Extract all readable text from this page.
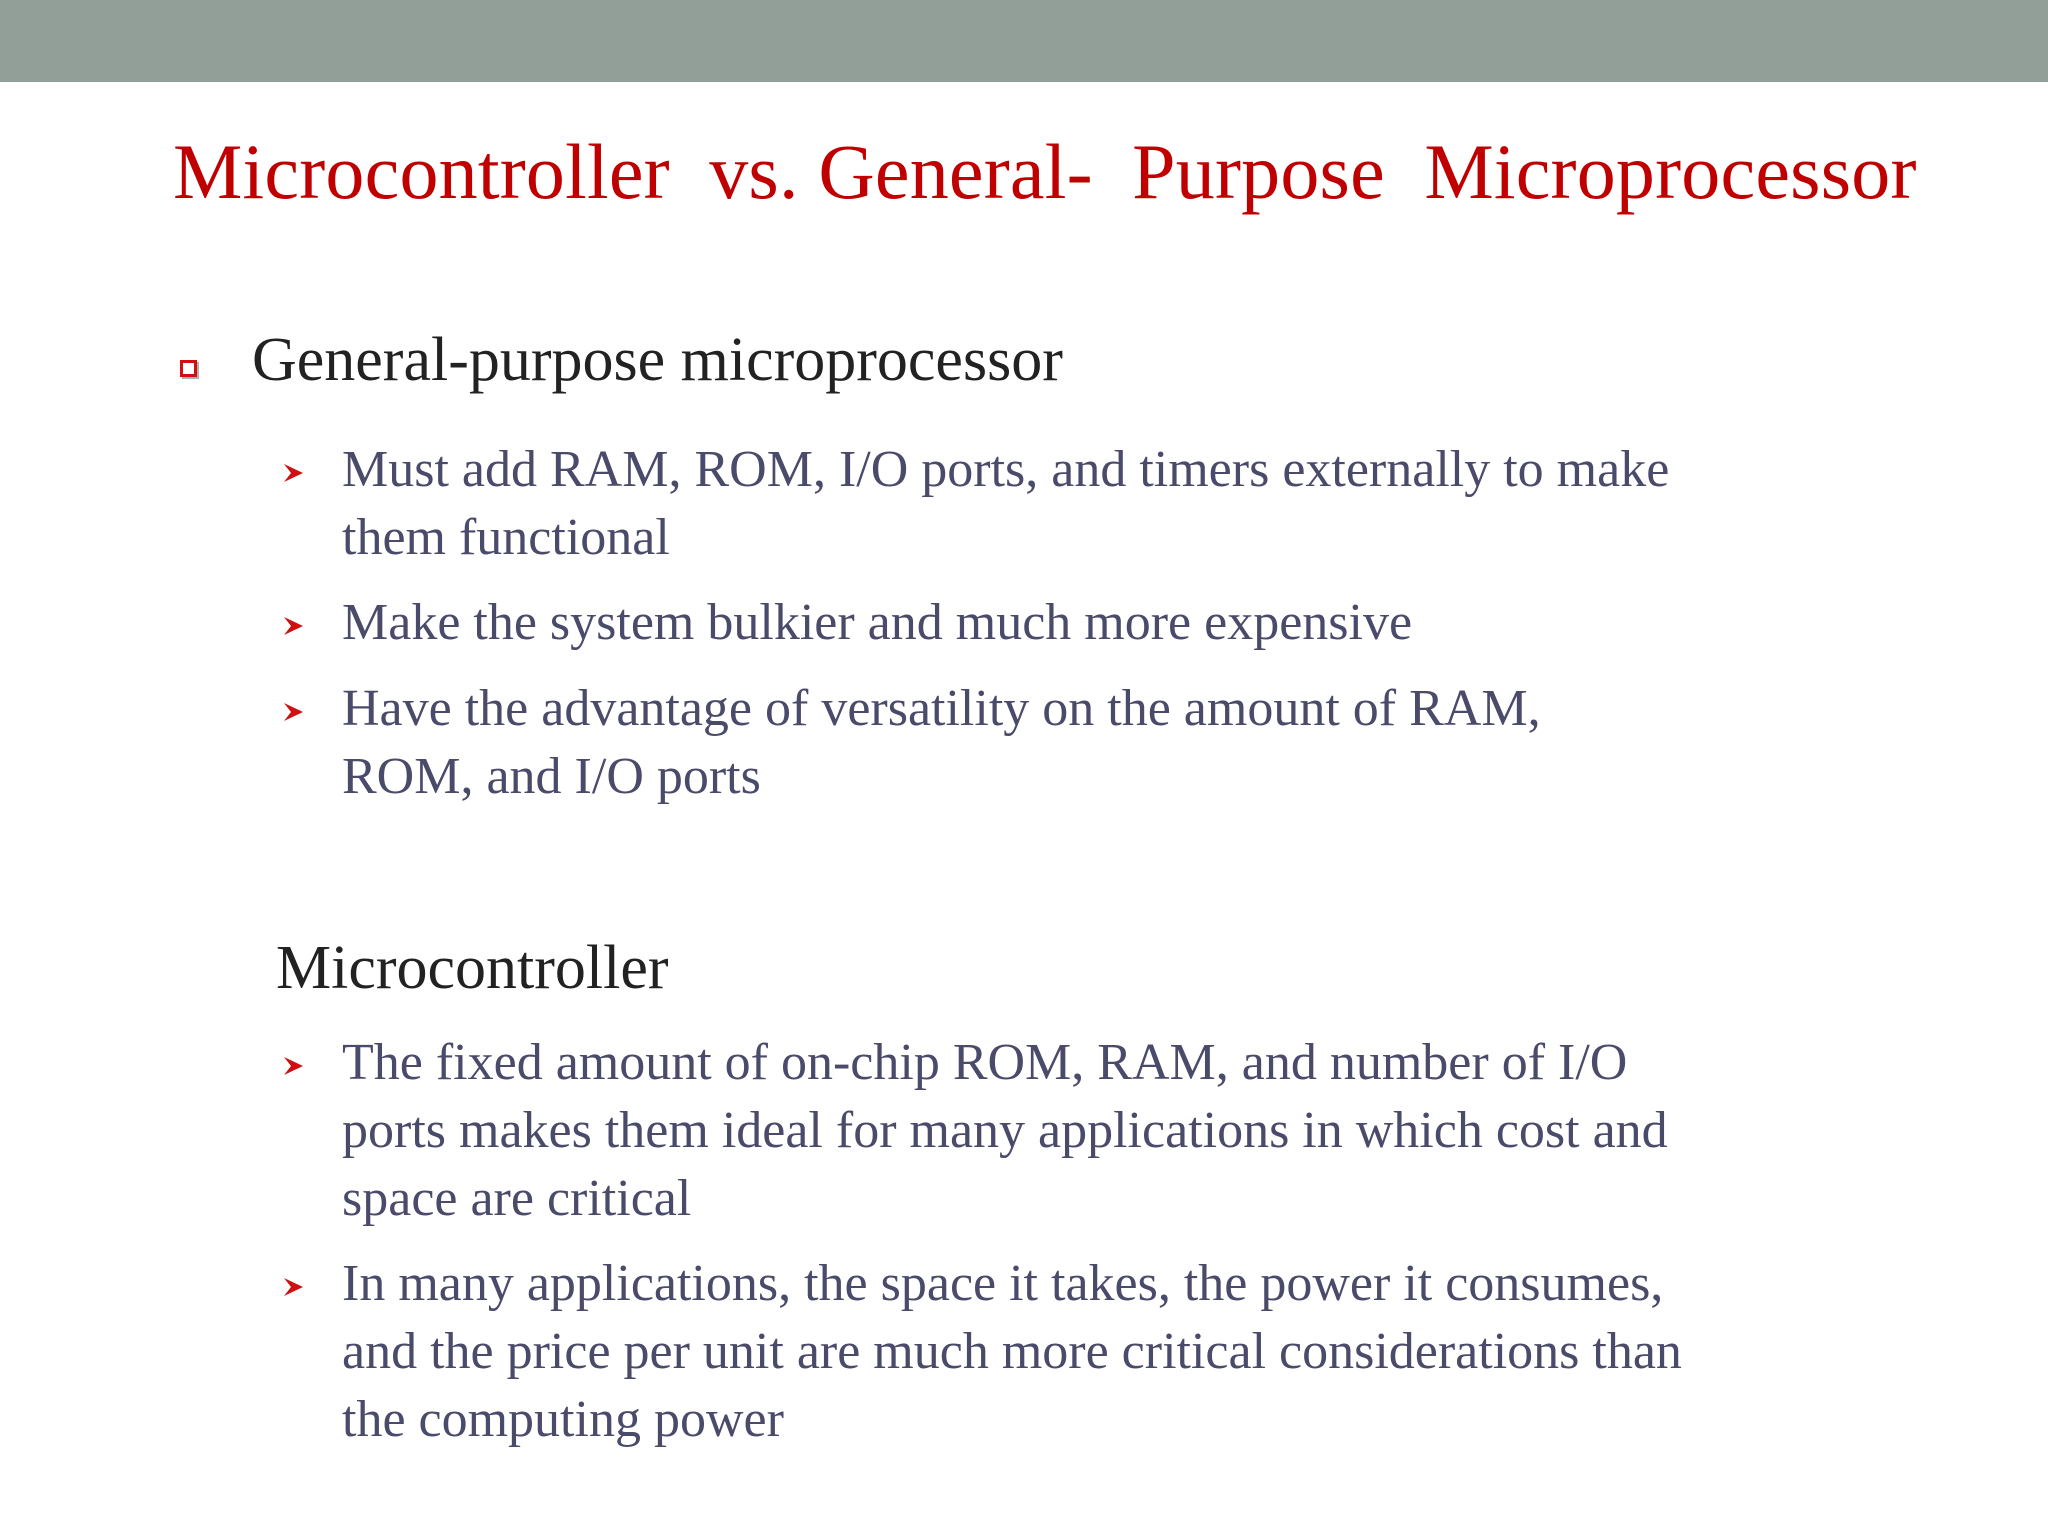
Microcontroller  vs. General-  Purpose  Microprocessor
General-purpose microprocessor
Must add RAM, ROM, I/O ports, and timers externally to make
them functional
Make the system bulkier and much more expensive
Have the advantage of versatility on the amount of RAM,
ROM, and I/O ports
Microcontroller
The fixed amount of on-chip ROM, RAM, and number of I/O
ports makes them ideal for many applications in which cost and
space are critical
In many applications, the space it takes, the power it consumes,
and the price per unit are much more critical considerations than
the computing power
